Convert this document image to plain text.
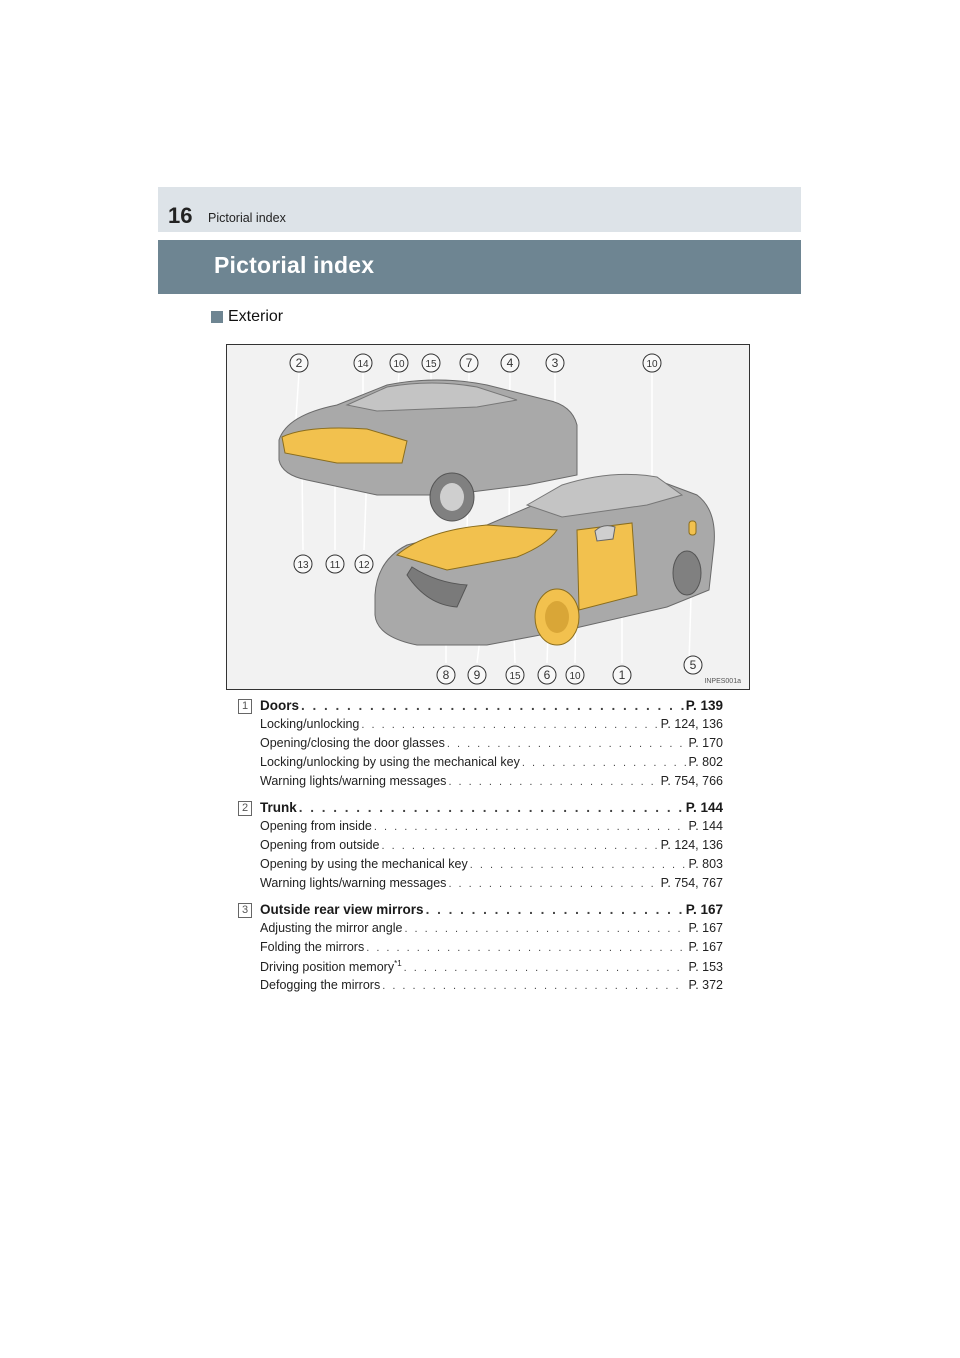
16 Pictorial index
Pictorial index
Exterior
2	14 10 15 7	4	3	10
13 11 12
8 9	15 6 10	1
5
INPES001a
1 Doors . . .	P. 139
Locking/unlocking . . .	P. 124, 136
Opening/closing the door glasses . . .	P. 170
Locking/unlocking by using the mechanical key . . .	P. 802
Warning lights/warning messages . . .	P. 754, 766
2 Trunk . . .	P. 144
Opening from inside . . .	P. 144
Opening from outside . . .	P. 124, 136
Opening by using the mechanical key . . .	P. 803
Warning lights/warning messages . . .	P. 754, 767
3 Outside rear view mirrors . . .	P. 167
Adjusting the mirror angle . . .	P. 167
Folding the mirrors . . .	P. 167
Driving position memory$^{*1}$ . . .	P. 153
Defogging the mirrors . . .	P. 372
